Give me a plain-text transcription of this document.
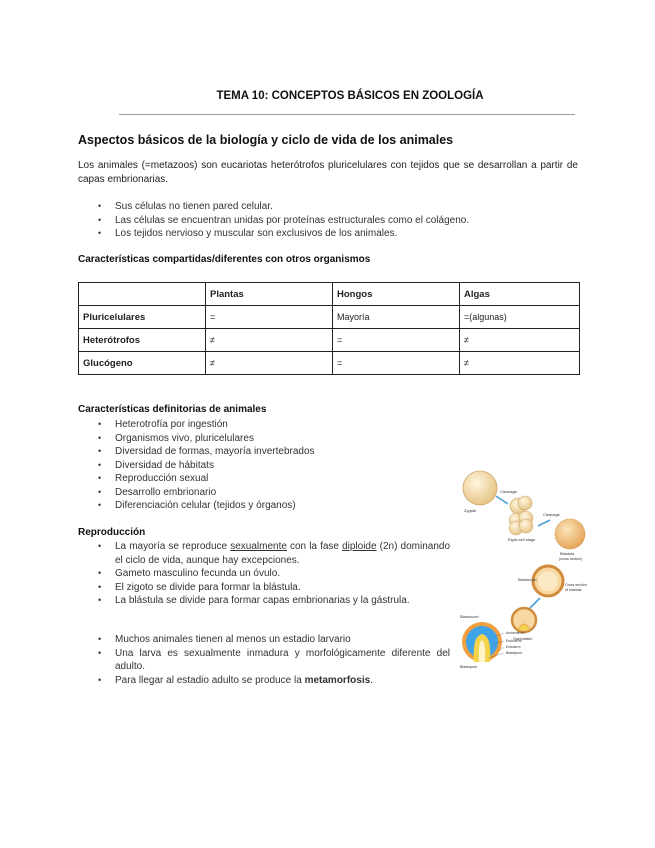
TEMA 10: CONCEPTOS BÁSICOS EN ZOOLOGÍA
Aspectos básicos de la biología y ciclo de vida de los animales
Los animales (=metazoos) son eucariotas heterótrofos pluricelulares con tejidos que se desarrollan a partir de capas embrionarias.
• Sus células no tienen pared celular.
• Las células se encuentran unidas por proteínas estructurales como el colágeno.
• Los tejidos nervioso y muscular son exclusivos de los animales.
Características compartidas/diferentes con otros organismos
	Plantas	Hongos	Algas
Pluricelulares	=	Mayoría	=(algunas)
Heterótrofos	≠	=	≠
Glucógeno	≠	=	≠
Características definitorias de animales
• Heterotrofía por ingestión
• Organismos vivo, pluricelulares
• Diversidad de formas, mayoría invertebrados
• Diversidad de hábitats
• Reproducción sexual
• Desarrollo embrionario
• Diferenciación celular (tejidos y órganos)
Reproducción
• La mayoría se reproduce sexualmente con la fase diploide (2n) dominando el ciclo de vida, aunque hay excepciones.
• Gameto masculino fecunda un óvulo.
• El zigoto se divide para formar la blástula.
• La blástula se divide para formar capas embrionarias y la gástrula.
• Muchos animales tienen al menos un estadio larvario
• Una larva es sexualmente inmadura y morfológicamente diferente del adulto.
• Para llegar al estadio adulto se produce la metamorfosis.
Zygote
Cleavage
Eight-cell stage
Cleavage
Blastula
(cross section)
Blastocoel
Cross section
of blastula
Gastrulation
Blastocoel
Blastopore
Archenteron
Endoderm
Ectoderm
Blastopore
